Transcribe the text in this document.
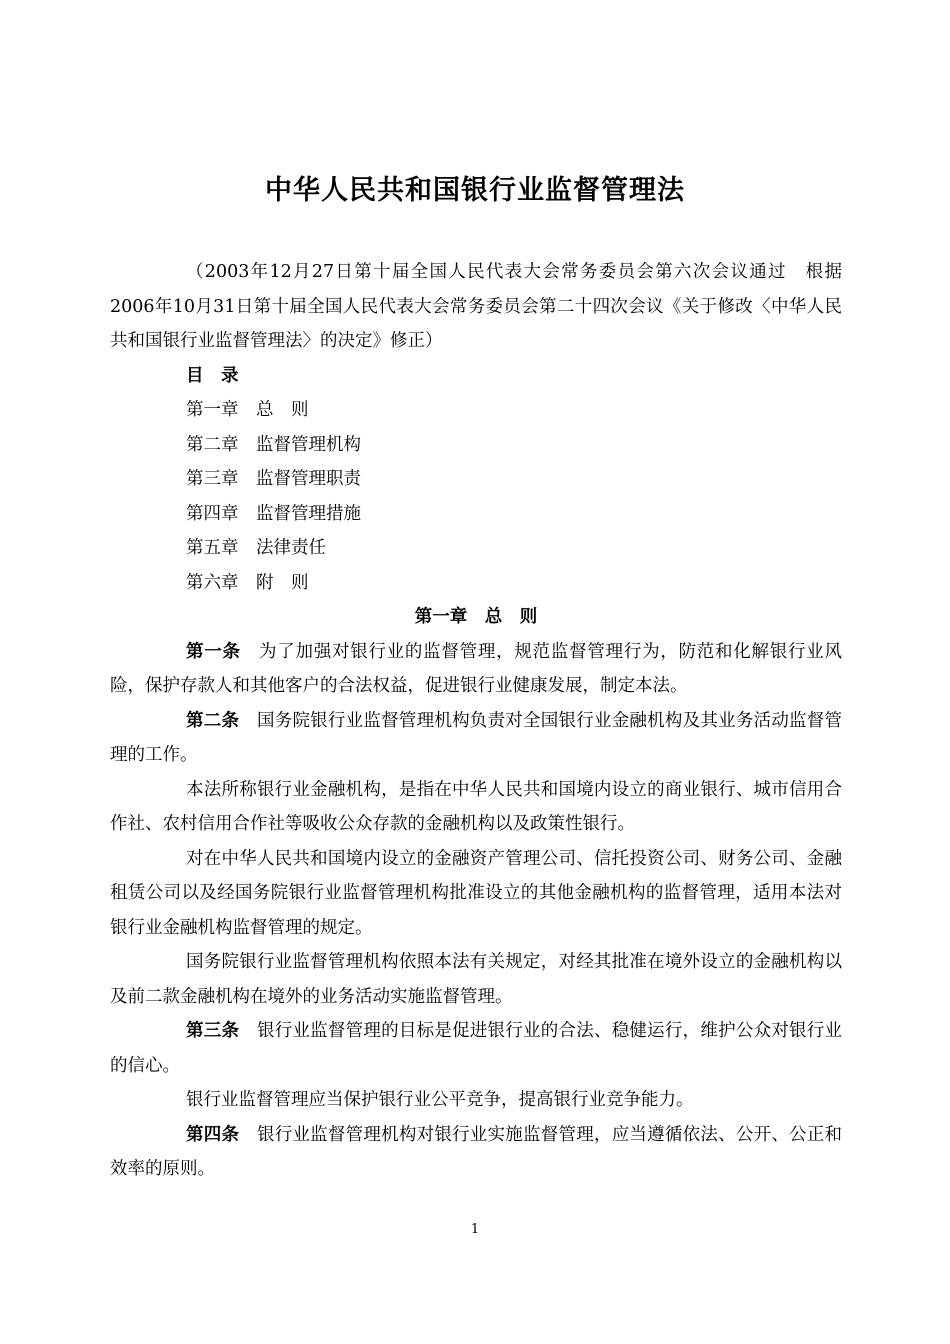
中华人民共和国银行业监督管理法

（2003年12月27日第十届全国人民代表大会常务委员会第六次会议通过　根据2006年10月31日第十届全国人民代表大会常务委员会第二十四次会议《关于修改〈中华人民共和国银行业监督管理法〉的决定》修正）

目　录

第一章　总　则

第二章　监督管理机构

第三章　监督管理职责

第四章　监督管理措施

第五章　法律责任

第六章　附　则

第一章　总　则

第一条　 为了加强对银行业的监督管理，规范监督管理行为，防范和化解银行业风险，保护存款人和其他客户的合法权益，促进银行业健康发展，制定本法。

第二条　 国务院银行业监督管理机构负责对全国银行业金融机构及其业务活动监督管理的工作。

本法所称银行业金融机构，是指在中华人民共和国境内设立的商业银行、城市信用合作社、农村信用合作社等吸收公众存款的金融机构以及政策性银行。

对在中华人民共和国境内设立的金融资产管理公司、信托投资公司、财务公司、金融租赁公司以及经国务院银行业监督管理机构批准设立的其他金融机构的监督管理，适用本法对银行业金融机构监督管理的规定。

国务院银行业监督管理机构依照本法有关规定，对经其批准在境外设立的金融机构以及前二款金融机构在境外的业务活动实施监督管理。

第三条　 银行业监督管理的目标是促进银行业的合法、稳健运行，维护公众对银行业的信心。

银行业监督管理应当保护银行业公平竞争，提高银行业竞争能力。

第四条　 银行业监督管理机构对银行业实施监督管理，应当遵循依法、公开、公正和效率的原则。

1
